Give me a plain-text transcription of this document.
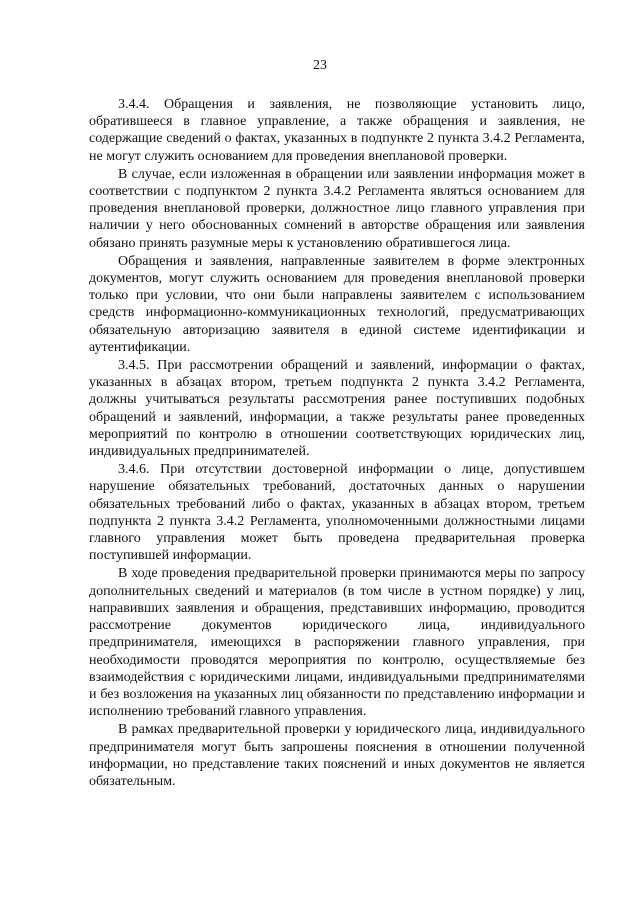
23

3.4.4. Обращения и заявления, не позволяющие установить лицо, обратившееся в главное управление, а также обращения и заявления, не содержащие сведений о фактах, указанных в подпункте 2 пункта 3.4.2 Регламента, не могут служить основанием для проведения внеплановой проверки.

В случае, если изложенная в обращении или заявлении информация может в соответствии с подпунктом 2 пункта 3.4.2 Регламента являться основанием для проведения внеплановой проверки, должностное лицо главного управления при наличии у него обоснованных сомнений в авторстве обращения или заявления обязано принять разумные меры к установлению обратившегося лица.

Обращения и заявления, направленные заявителем в форме электронных документов, могут служить основанием для проведения внеплановой проверки только при условии, что они были направлены заявителем с использованием средств информационно-коммуникационных технологий, предусматривающих обязательную авторизацию заявителя в единой системе идентификации и аутентификации.

3.4.5. При рассмотрении обращений и заявлений, информации о фактах, указанных в абзацах втором, третьем подпункта 2 пункта 3.4.2 Регламента, должны учитываться результаты рассмотрения ранее поступивших подобных обращений и заявлений, информации, а также результаты ранее проведенных мероприятий по контролю в отношении соответствующих юридических лиц, индивидуальных предпринимателей.

3.4.6. При отсутствии достоверной информации о лице, допустившем нарушение обязательных требований, достаточных данных о нарушении обязательных требований либо о фактах, указанных в абзацах втором, третьем подпункта 2 пункта 3.4.2 Регламента, уполномоченными должностными лицами главного управления может быть проведена предварительная проверка поступившей информации.

В ходе проведения предварительной проверки принимаются меры по запросу дополнительных сведений и материалов (в том числе в устном порядке) у лиц, направивших заявления и обращения, представивших информацию, проводится рассмотрение документов юридического лица, индивидуального предпринимателя, имеющихся в распоряжении главного управления, при необходимости проводятся мероприятия по контролю, осуществляемые без взаимодействия с юридическими лицами, индивидуальными предпринимателями и без возложения на указанных лиц обязанности по представлению информации и исполнению требований главного управления.

В рамках предварительной проверки у юридического лица, индивидуального предпринимателя могут быть запрошены пояснения в отношении полученной информации, но представление таких пояснений и иных документов не является обязательным.
